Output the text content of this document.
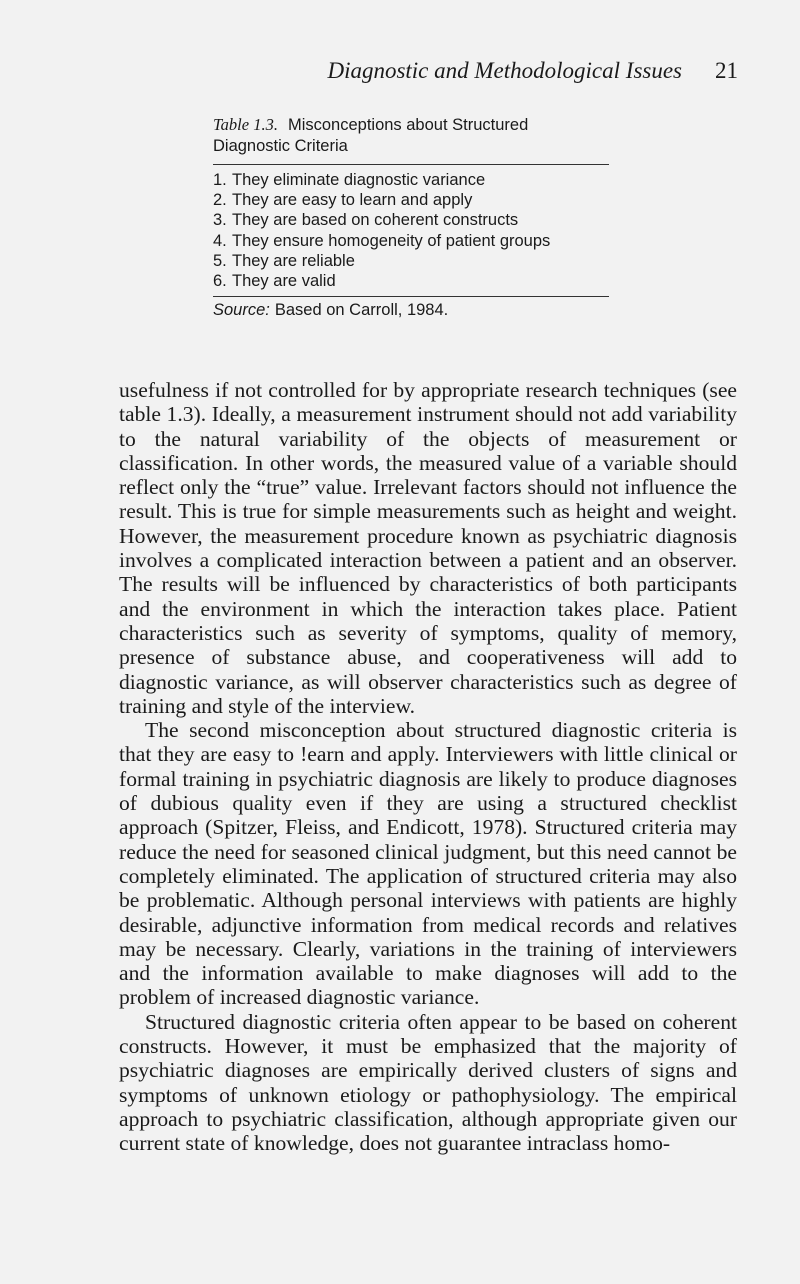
Diagnostic and Methodological Issues 21

Table 1.3. Misconceptions about Structured Diagnostic Criteria

1. They eliminate diagnostic variance
2. They are easy to learn and apply
3. They are based on coherent constructs
4. They ensure homogeneity of patient groups
5. They are reliable
6. They are valid

Source: Based on Carroll, 1984.

usefulness if not controlled for by appropriate research techniques (see table 1.3). Ideally, a measurement instrument should not add variability to the natural variability of the objects of measurement or classification. In other words, the measured value of a variable should reflect only the “true” value. Irrelevant factors should not influence the result. This is true for simple measurements such as height and weight. However, the measurement procedure known as psychiatric diagnosis involves a complicated interaction between a patient and an observer. The results will be influenced by characteristics of both participants and the environment in which the interaction takes place. Patient characteristics such as severity of symptoms, quality of memory, presence of substance abuse, and cooperativeness will add to diagnostic variance, as will observer characteristics such as degree of training and style of the interview.

The second misconception about structured diagnostic criteria is that they are easy to !earn and apply. Interviewers with little clinical or formal training in psychiatric diagnosis are likely to produce diagnoses of dubious quality even if they are using a structured checklist approach (Spitzer, Fleiss, and Endicott, 1978). Structured criteria may reduce the need for seasoned clinical judgment, but this need cannot be completely eliminated. The application of structured criteria may also be problematic. Although personal interviews with patients are highly desirable, adjunctive information from medical records and relatives may be necessary. Clearly, variations in the training of interviewers and the information available to make diagnoses will add to the problem of increased diagnostic variance.

Structured diagnostic criteria often appear to be based on coherent constructs. However, it must be emphasized that the majority of psychiatric diagnoses are empirically derived clusters of signs and symptoms of unknown etiology or pathophysiology. The empirical approach to psychiatric classification, although appropriate given our current state of knowledge, does not guarantee intraclass homo-
